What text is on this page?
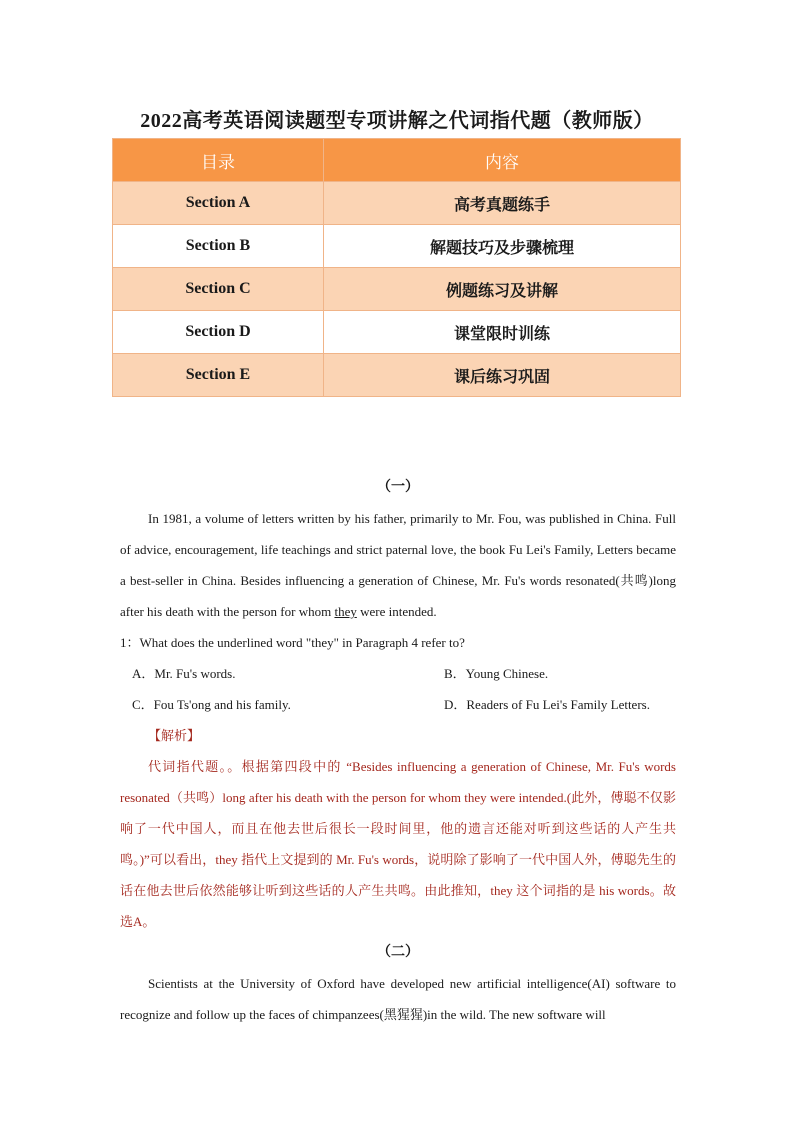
2022高考英语阅读题型专项讲解之代词指代题（教师版）
目录	内容
Section A	高考真题练手
Section B	解题技巧及步骤梳理
Section C	例题练习及讲解
Section D	课堂限时训练
Section E	课后练习巩固
（一）

In 1981, a volume of letters written by his father, primarily to Mr. Fou, was published in China. Full of advice, encouragement, life teachings and strict paternal love, the book Fu Lei's Family, Letters became a best-seller in China. Besides influencing a generation of Chinese, Mr. Fu's words resonated(共鸣)long after his death with the person for whom they were intended.

1：What does the underlined word "they" in Paragraph 4 refer to?

A．Mr. Fu's words.	B．Young Chinese.
C．Fou Ts'ong and his family.	D．Readers of Fu Lei's Family Letters.

【解析】

代词指代题。。根据第四段中的 “Besides influencing a generation of Chinese, Mr. Fu's words resonated（共鸣）long after his death with the person for whom they were intended.(此外，傅聪不仅影响了一代中国人，而且在他去世后很长一段时间里，他的遗言还能对听到这些话的人产生共鸣。)”可以看出，they 指代上文提到的 Mr. Fu's words，说明除了影响了一代中国人外，傅聪先生的话在他去世后依然能够让听到这些话的人产生共鸣。由此推知，they 这个词指的是 his words。故选A。

（二）

Scientists at the University of Oxford have developed new artificial intelligence(AI) software to recognize and follow up the faces of chimpanzees(黑猩猩)in the wild. The new software will
